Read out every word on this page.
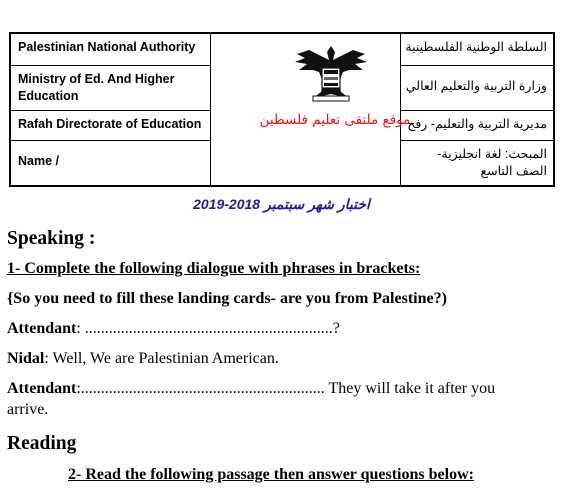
Palestinian National Authority
Ministry of Ed. And Higher Education
Rafah Directorate of Education
Name /
السلطة الوطنية الفلسطينية
وزارة التربية والتعليم العالي
مديرية التربية والتعليم- رفح
المبحث: لغة انجليزية- الصف التاسع
موقع ملتقى تعليم فلسطين
اختبار شهر سبتمبر 2018-2019
Speaking :
1- Complete the following dialogue with phrases in brackets:
{So you need to fill these landing cards- are you from Palestine?)
Attendant: ..............................................................?
Nidal: Well, We are Palestinian American.
Attendant:............................................................. They will take it after you
arrive.
Reading
2- Read the following passage then answer questions below:
